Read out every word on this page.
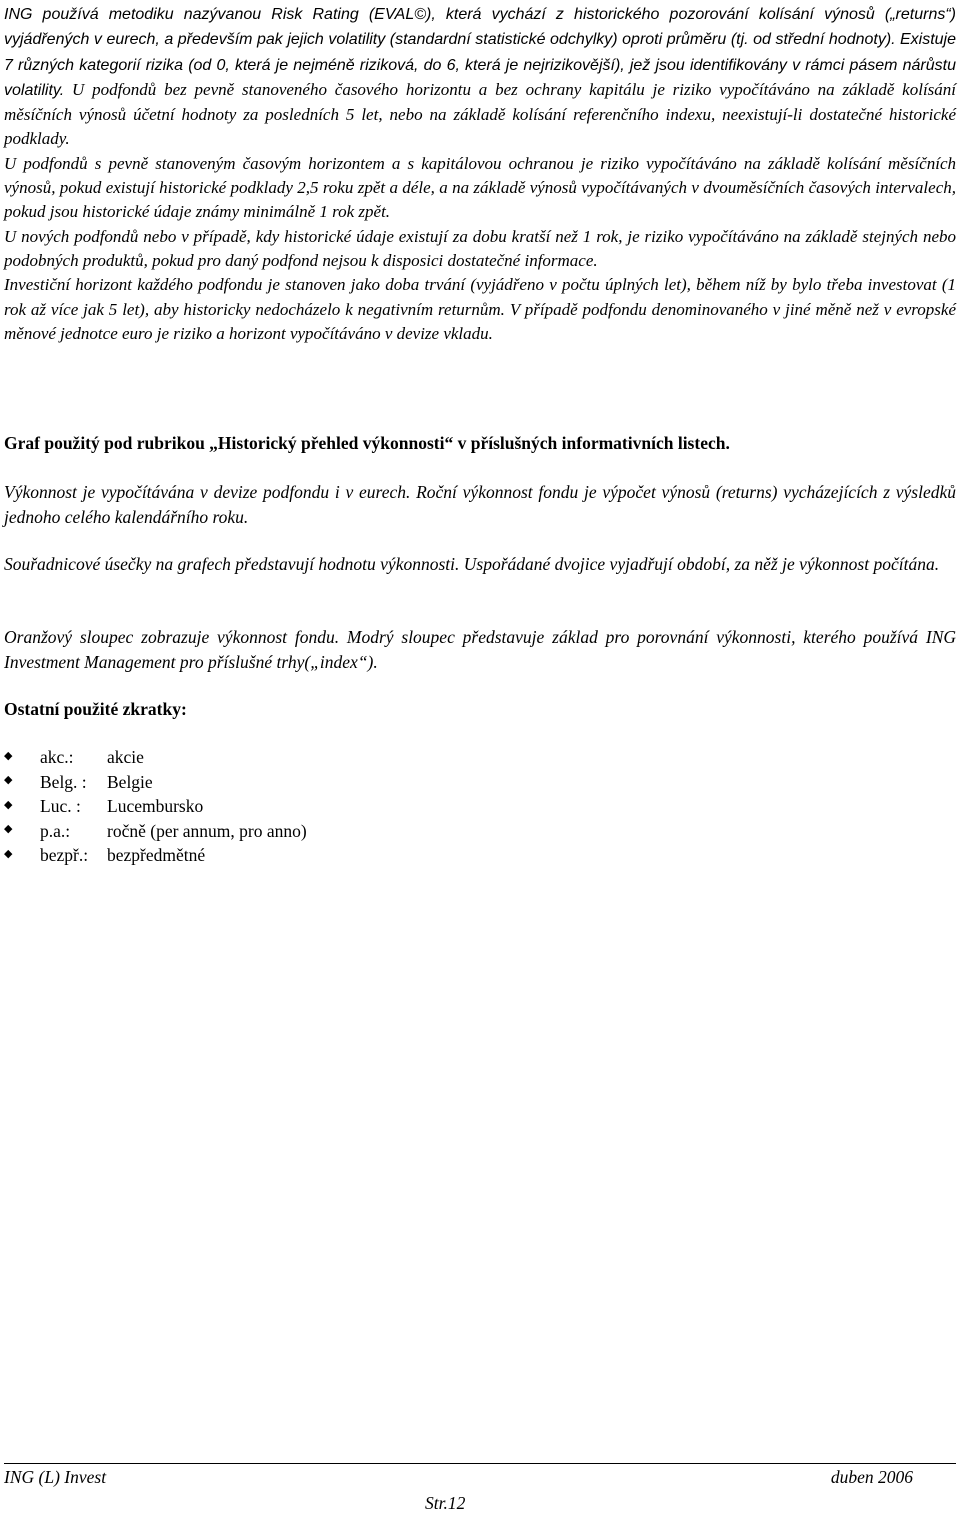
ING používá metodiku nazývanou Risk Rating (EVAL©), která vychází z historického pozorování kolísání výnosů („returns“) vyjádřených v eurech, a především pak jejich volatility (standardní statistické odchylky) oproti průměru (tj. od střední hodnoty). Existuje 7 různých kategorií rizika (od 0, která je nejméně riziková, do 6, která je nejrizikovější), jež jsou identifikovány v rámci pásem nárůstu volatility. U podfondů bez pevně stanoveného časového horizontu a bez ochrany kapitálu je riziko vypočítáváno na základě kolísání měsíčních výnosů účetní hodnoty za posledních 5 let, nebo na základě kolísání referenčního indexu, neexistují-li dostatečné historické podklady.

U podfondů s pevně stanoveným časovým horizontem a s kapitálovou ochranou je riziko vypočítáváno na základě kolísání měsíčních výnosů, pokud existují historické podklady 2,5 roku zpět a déle, a na základě výnosů vypočítávaných v dvouměsíčních časových intervalech, pokud jsou historické údaje známy minimálně 1 rok zpět.

U nových podfondů nebo v případě, kdy historické údaje existují za dobu kratší než 1 rok, je riziko vypočítáváno na základě stejných nebo podobných produktů, pokud pro daný podfond nejsou k disposici dostatečné informace.

Investiční horizont každého podfondu je stanoven jako doba trvání (vyjádřeno v počtu úplných let), během níž by bylo třeba investovat (1 rok až více jak 5 let), aby historicky nedocházelo k negativním returnům. V případě podfondu denominovaného v jiné měně než v evropské měnové jednotce euro je riziko a horizont vypočítáváno v devize vkladu.

Graf použitý pod rubrikou „Historický přehled výkonnosti“ v příslušných informativních listech.
Výkonnost je vypočítávána v devize podfondu i v eurech. Roční výkonnost fondu je výpočet výnosů (returns) vycházejících z výsledků jednoho celého kalendářního roku.
Souřadnicové úsečky na grafech představují hodnotu výkonnosti. Uspořádané dvojice vyjadřují období, za něž je výkonnost počítána.
Oranžový sloupec zobrazuje výkonnost fondu. Modrý sloupec představuje základ pro porovnání výkonnosti, kterého používá ING Investment Management pro příslušné trhy(„index“).
Ostatní použité zkratky:
◆	akc.:	akcie
◆	Belg. :	Belgie
◆	Luc. :	Lucembursko
◆	p.a.:	ročně (per annum, pro anno)
◆	bezpř.:	bezpředmětné
ING (L) Invest	duben 2006
Str.12
